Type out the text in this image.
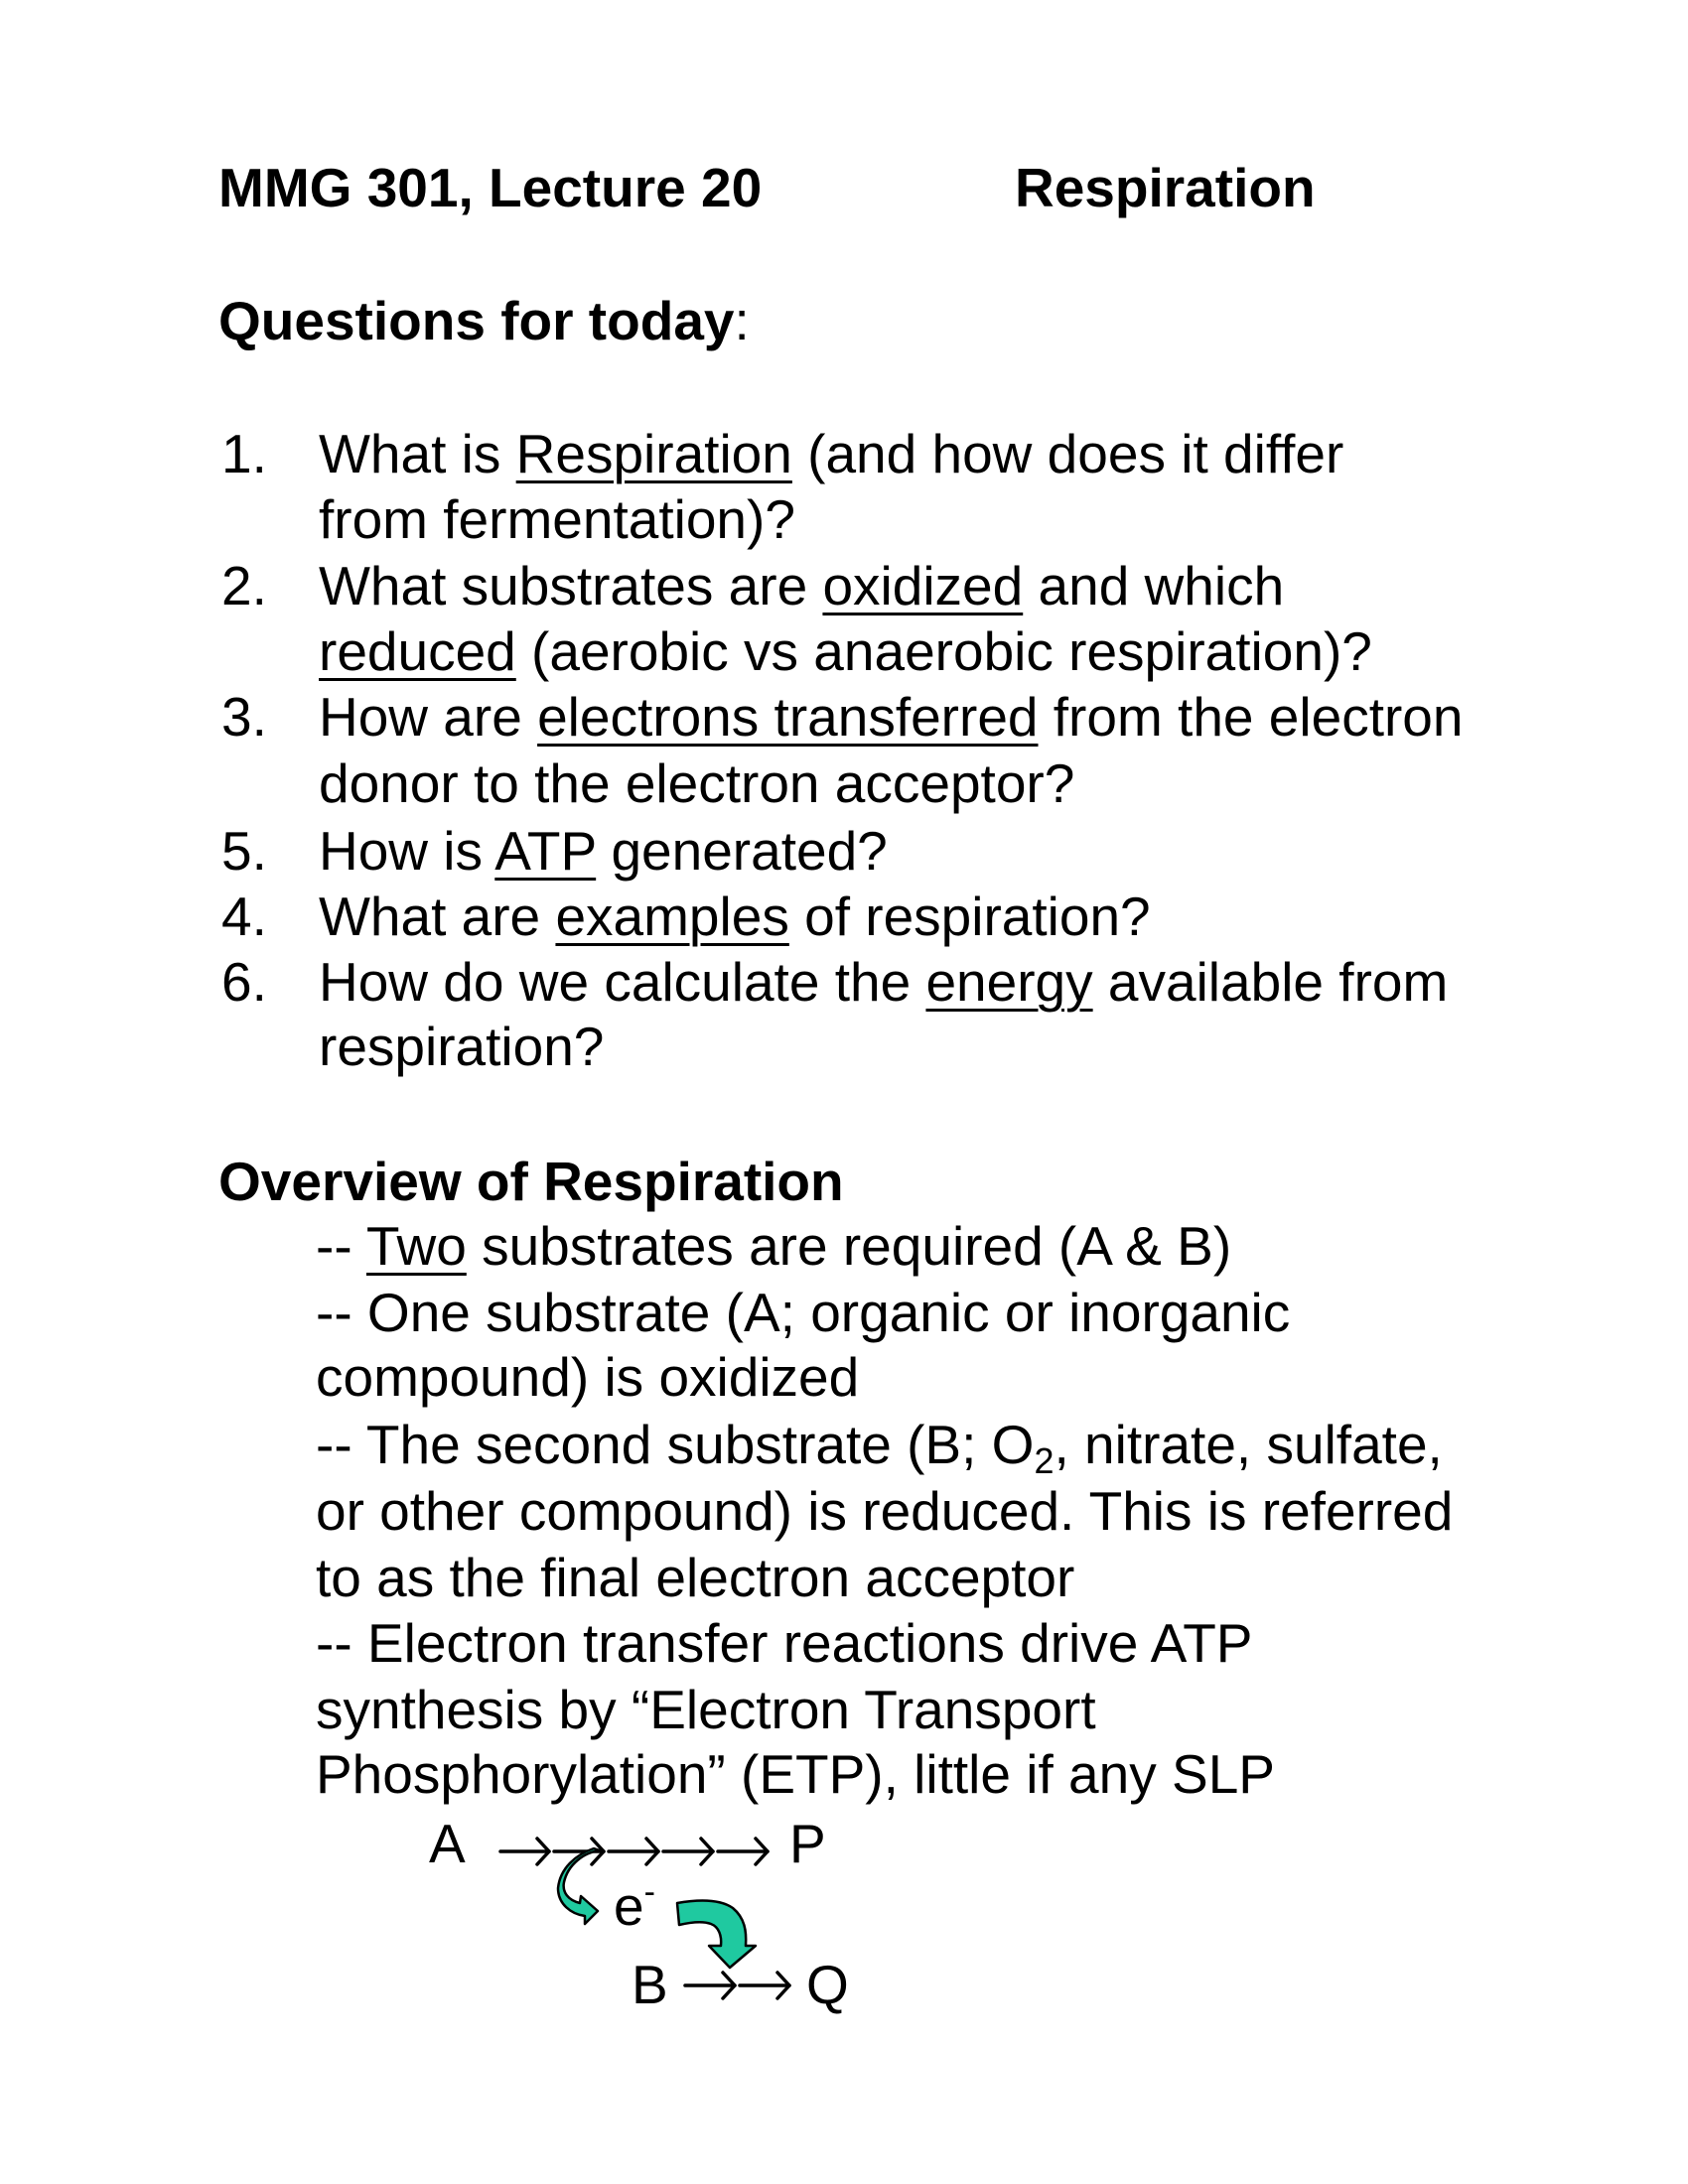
MMG 301, Lecture 20	Respiration
Questions for today:
1. What is Respiration (and how does it differ
from fermentation)?
2. What substrates are oxidized and which
reduced (aerobic vs anaerobic respiration)?
3. How are electrons transferred from the electron
donor to the electron acceptor?
5. How is ATP generated?
4. What are examples of respiration?
6. How do we calculate the energy available from
respiration?
Overview of Respiration
-- Two substrates are required (A & B)
-- One substrate (A; organic or inorganic
compound) is oxidized
-- The second substrate (B; $O_2$, nitrate, sulfate,
or other compound) is reduced. This is referred
to as the final electron acceptor
-- Electron transfer reactions drive ATP
synthesis by “Electron Transport
Phosphorylation” (ETP), little if any SLP
A	P
e-
B	Q
